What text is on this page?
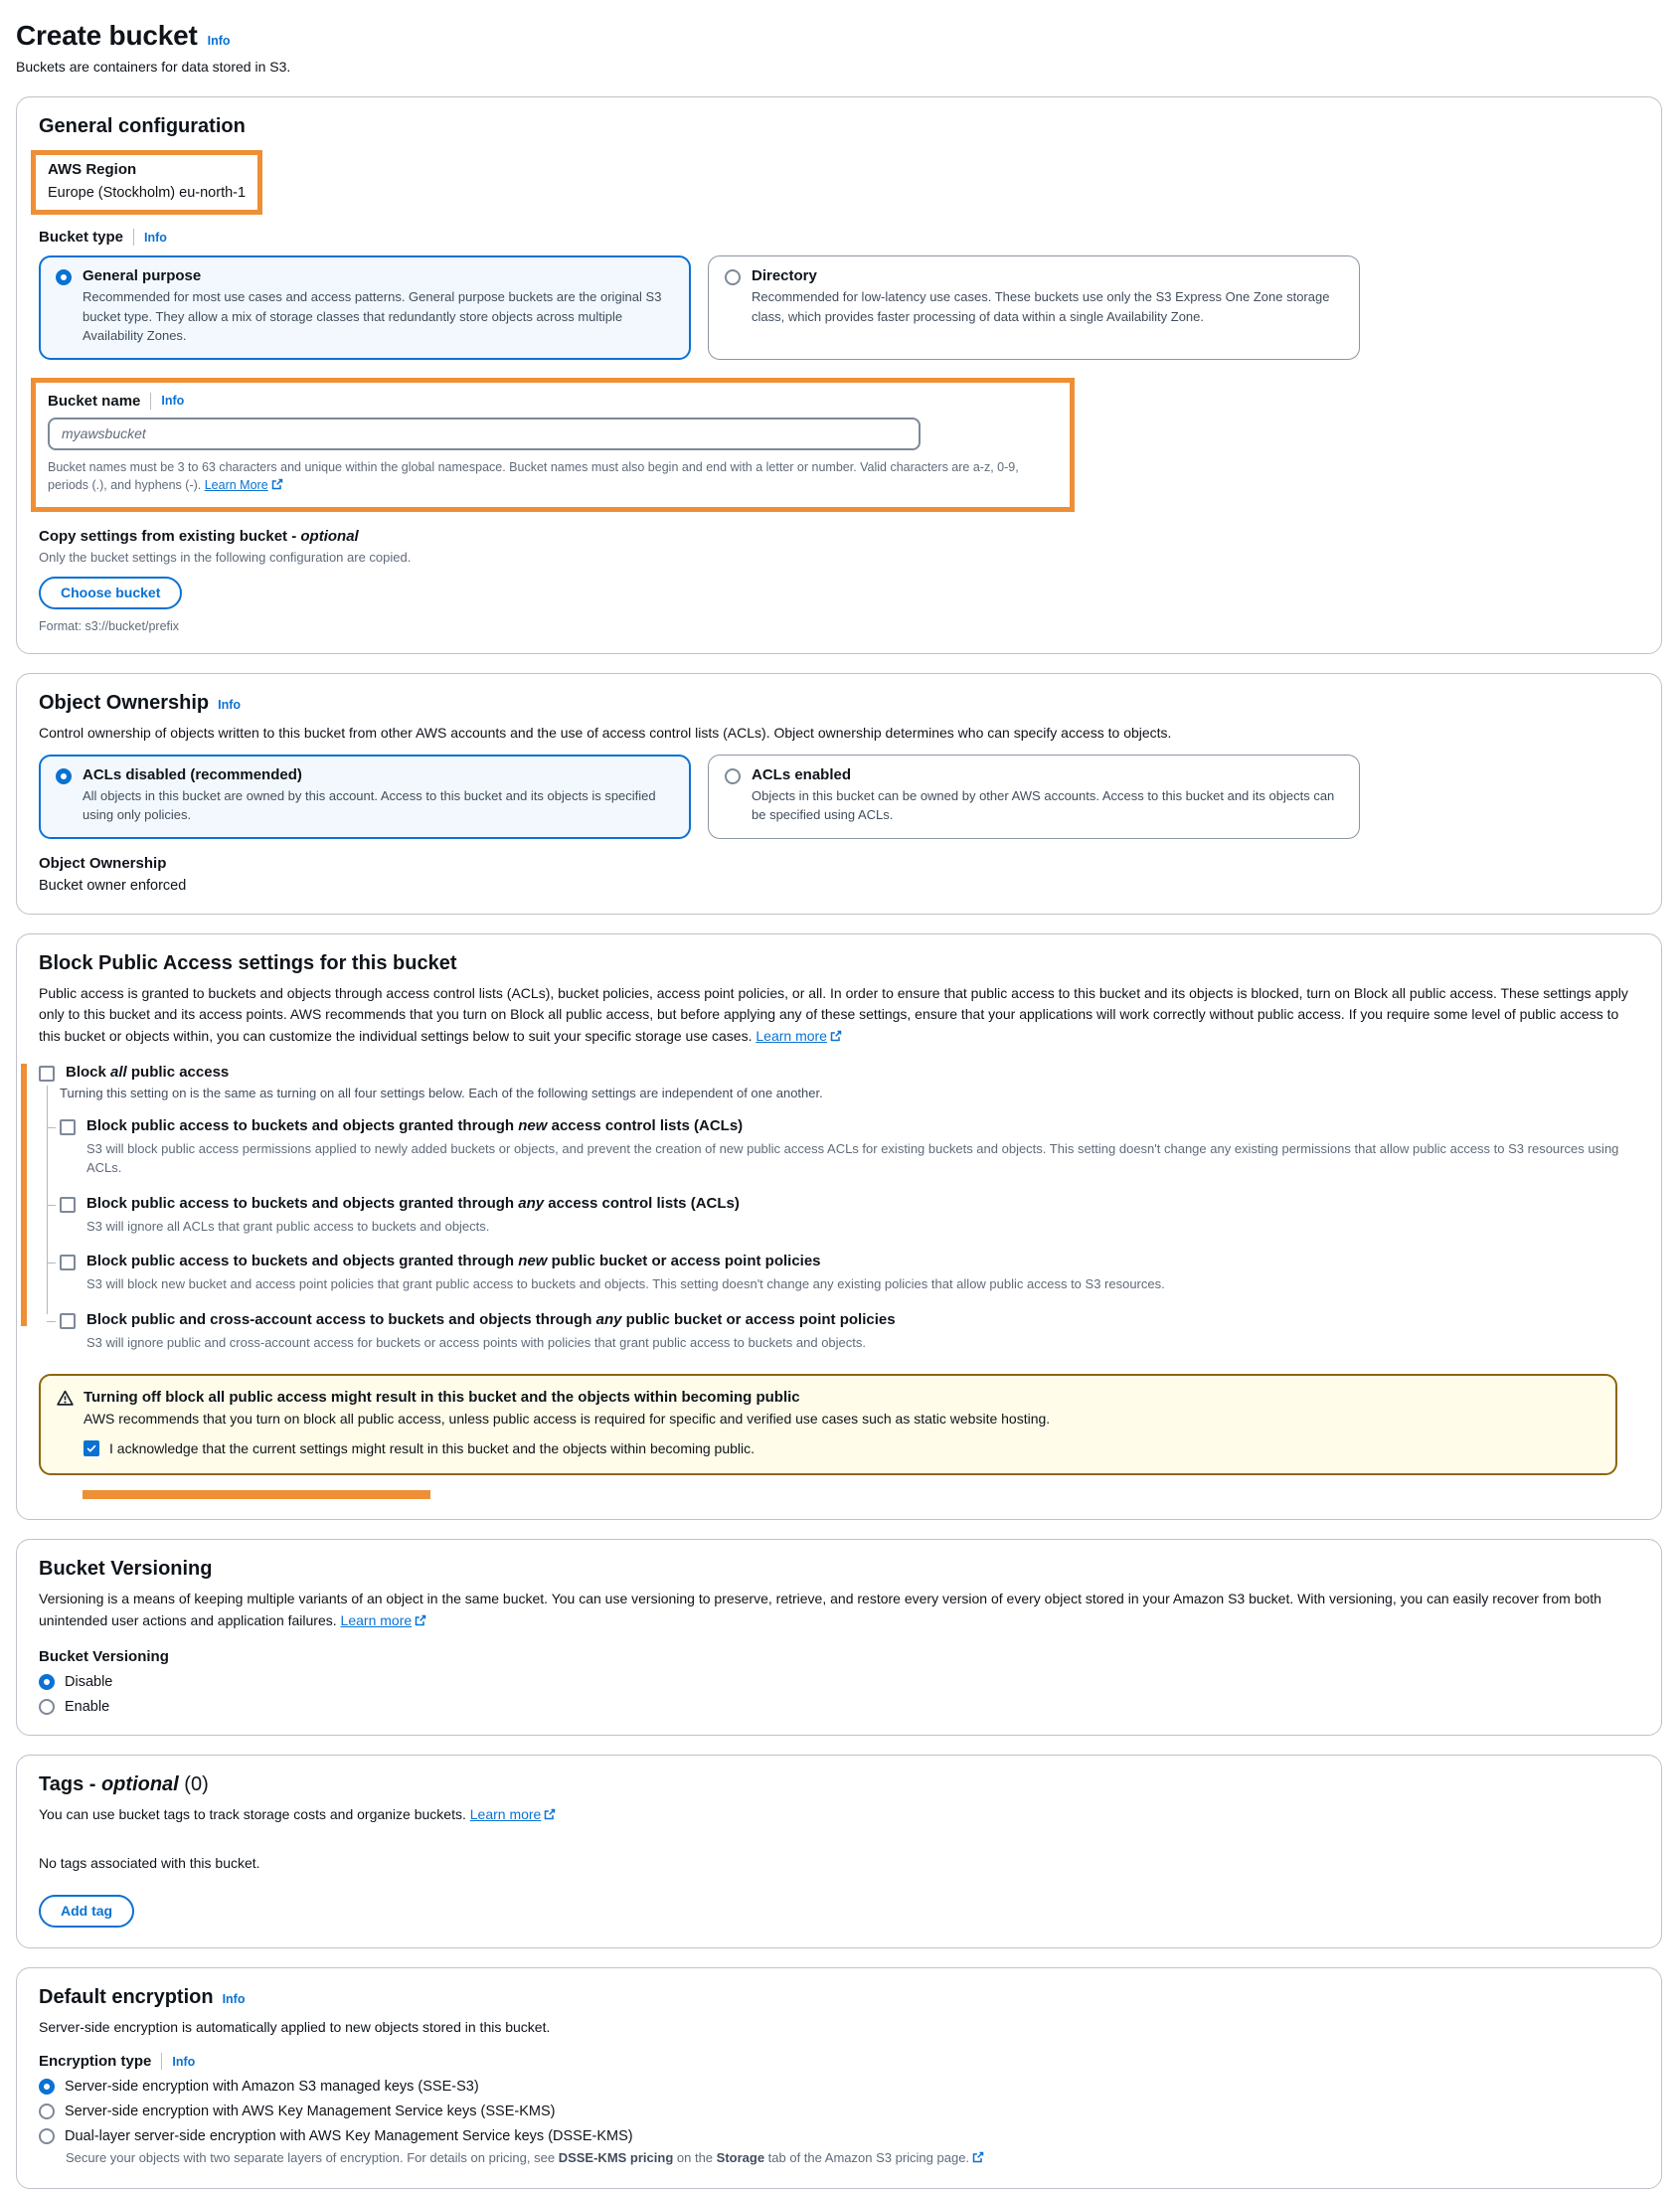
Create bucket Info

Buckets are containers for data stored in S3.

General configuration
AWS Region
Europe (Stockholm) eu-north-1
Bucket type Info
General purpose
Recommended for most use cases and access patterns. General purpose buckets are the original S3 bucket type. They allow a mix of storage classes that redundantly store objects across multiple Availability Zones.
Directory
Recommended for low-latency use cases. These buckets use only the S3 Express One Zone storage class, which provides faster processing of data within a single Availability Zone.
Bucket name Info
myawsbucket

Bucket names must be 3 to 63 characters and unique within the global namespace. Bucket names must also begin and end with a letter or number. Valid characters are a-z, 0-9, periods (.), and hyphens (-). Learn More

Copy settings from existing bucket - optional

Only the bucket settings in the following configuration are copied.

Choose bucket

Format: s3://bucket/prefix

Object Ownership Info

Control ownership of objects written to this bucket from other AWS accounts and the use of access control lists (ACLs). Object ownership determines who can specify access to objects.

ACLs disabled (recommended)
All objects in this bucket are owned by this account. Access to this bucket and its objects is specified using only policies.
ACLs enabled
Objects in this bucket can be owned by other AWS accounts. Access to this bucket and its objects can be specified using ACLs.
Object Ownership
Bucket owner enforced
Block Public Access settings for this bucket

Public access is granted to buckets and objects through access control lists (ACLs), bucket policies, access point policies, or all. In order to ensure that public access to this bucket and its objects is blocked, turn on Block all public access. These settings apply only to this bucket and its access points. AWS recommends that you turn on Block all public access, but before applying any of these settings, ensure that your applications will work correctly without public access. If you require some level of public access to this bucket or objects within, you can customize the individual settings below to suit your specific storage use cases. Learn more

Block all public access

Turning this setting on is the same as turning on all four settings below. Each of the following settings are independent of one another.

Block public access to buckets and objects granted through new access control lists (ACLs)

S3 will block public access permissions applied to newly added buckets or objects, and prevent the creation of new public access ACLs for existing buckets and objects. This setting doesn't change any existing permissions that allow public access to S3 resources using ACLs.

Block public access to buckets and objects granted through any access control lists (ACLs)

S3 will ignore all ACLs that grant public access to buckets and objects.

Block public access to buckets and objects granted through new public bucket or access point policies

S3 will block new bucket and access point policies that grant public access to buckets and objects. This setting doesn't change any existing policies that allow public access to S3 resources.

Block public and cross-account access to buckets and objects through any public bucket or access point policies

S3 will ignore public and cross-account access for buckets or access points with policies that grant public access to buckets and objects.

Turning off block all public access might result in this bucket and the objects within becoming public

AWS recommends that you turn on block all public access, unless public access is required for specific and verified use cases such as static website hosting.

I acknowledge that the current settings might result in this bucket and the objects within becoming public.
Bucket Versioning

Versioning is a means of keeping multiple variants of an object in the same bucket. You can use versioning to preserve, retrieve, and restore every version of every object stored in your Amazon S3 bucket. With versioning, you can easily recover from both unintended user actions and application failures. Learn more

Bucket Versioning
Disable
Enable
Tags - optional (0)

You can use bucket tags to track storage costs and organize buckets. Learn more

No tags associated with this bucket.

Add tag
Default encryption Info

Server-side encryption is automatically applied to new objects stored in this bucket.

Encryption type Info
Server-side encryption with Amazon S3 managed keys (SSE-S3)
Server-side encryption with AWS Key Management Service keys (SSE-KMS)
Dual-layer server-side encryption with AWS Key Management Service keys (DSSE-KMS)

Secure your objects with two separate layers of encryption. For details on pricing, see DSSE-KMS pricing on the Storage tab of the Amazon S3 pricing page.
